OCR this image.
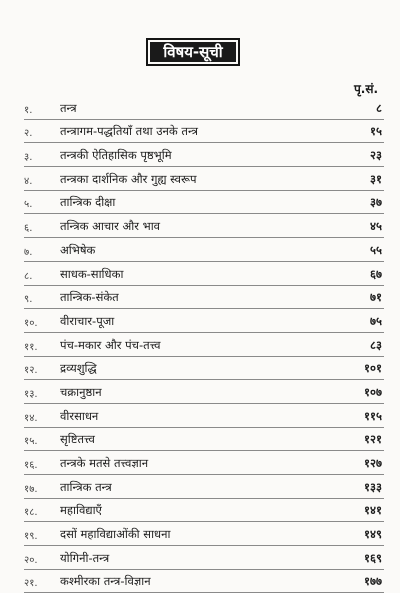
विषय-सूची
पृ.सं.
१.	तन्त्र	८
२.	तन्त्रागम-पद्धतियाँ तथा उनके तन्त्र	१५
३.	तन्त्रकी ऐतिहासिक पृष्ठभूमि	२३
४.	तन्त्रका दार्शनिक और गुह्य स्वरूप	३१
५.	तान्त्रिक दीक्षा	३७
६.	तन्त्रिक आचार और भाव	४५
७.	अभिषेक	५५
८.	साधक-साधिका	६७
९.	तान्त्रिक-संकेत	७१
१०.	वीराचार-पूजा	७५
११.	पंच-मकार और पंच-तत्त्व	८३
१२.	द्रव्यशुद्धि	१०१
१३.	चक्रानुष्ठान	१०७
१४.	वीरसाधन	११५
१५.	सृष्टितत्त्व	१२१
१६.	तन्त्रके मतसे तत्त्वज्ञान	१२७
१७.	तान्त्रिक तन्त्र	१३३
१८.	महाविद्याएँ	१४१
१९.	दसों महाविद्याओंकी साधना	१४९
२०.	योगिनी-तन्त्र	१६९
२१.	कश्मीरका तन्त्र-विज्ञान	१७७
